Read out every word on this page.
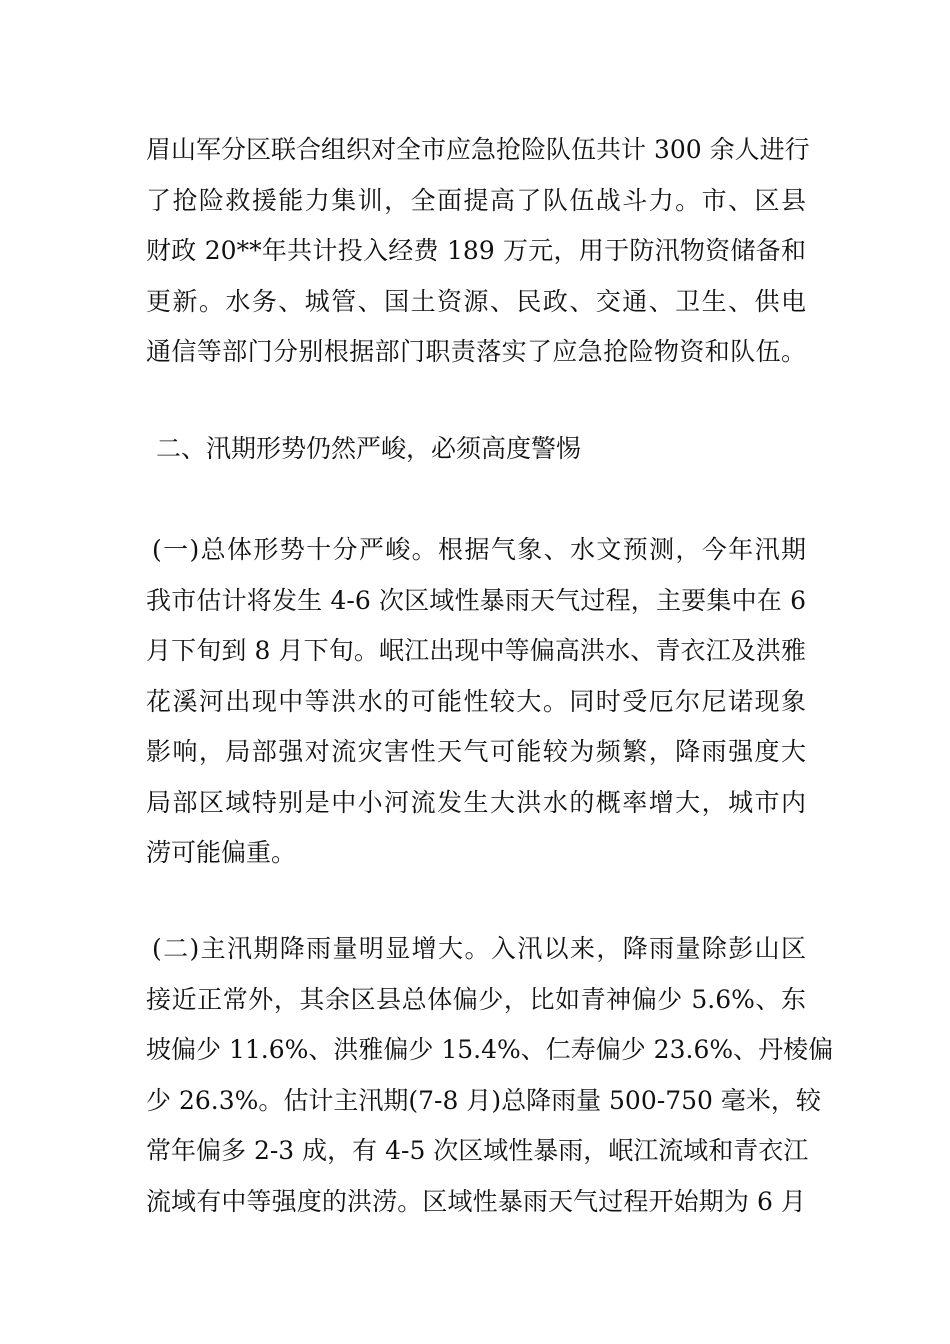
眉山军分区联合组织对全市应急抢险队伍共计 300 余人进行
了抢险救援能力集训，全面提高了队伍战斗力。市、区县
财政 20**年共计投入经费 189 万元，用于防汛物资储备和
更新。水务、城管、国土资源、民政、交通、卫生、供电
通信等部门分别根据部门职责落实了应急抢险物资和队伍。
二、汛期形势仍然严峻，必须高度警惕
(一)总体形势十分严峻。根据气象、水文预测，今年汛期
我市估计将发生 4-6 次区域性暴雨天气过程，主要集中在 6
月下旬到 8 月下旬。岷江出现中等偏高洪水、青衣江及洪雅
花溪河出现中等洪水的可能性较大。同时受厄尔尼诺现象
影响，局部强对流灾害性天气可能较为频繁，降雨强度大
局部区域特别是中小河流发生大洪水的概率增大，城市内
涝可能偏重。
(二)主汛期降雨量明显增大。入汛以来，降雨量除彭山区
接近正常外，其余区县总体偏少，比如青神偏少 5.6%、东
坡偏少 11.6%、洪雅偏少 15.4%、仁寿偏少 23.6%、丹棱偏
少 26.3%。估计主汛期(7-8 月)总降雨量 500-750 毫米，较
常年偏多 2-3 成，有 4-5 次区域性暴雨，岷江流域和青衣江
流域有中等强度的洪涝。区域性暴雨天气过程开始期为 6 月
